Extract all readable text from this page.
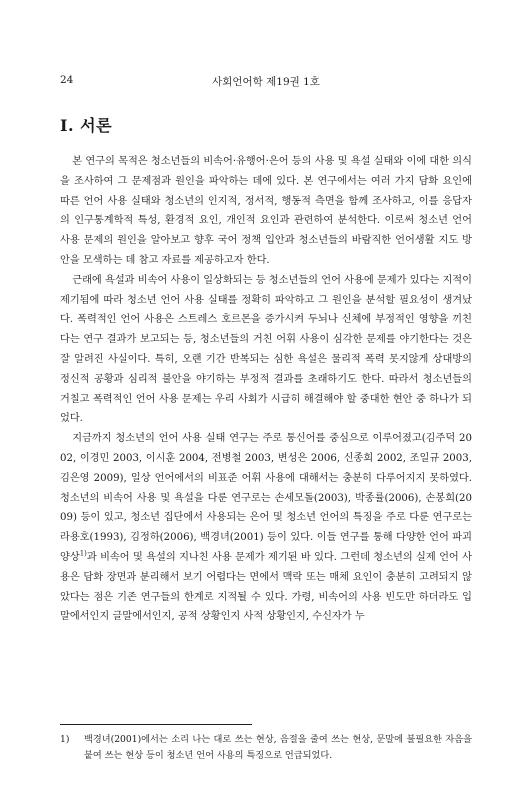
24	사회언어학 제19권 1호
I. 서론

본 연구의 목적은 청소년들의 비속어·유행어·은어 등의 사용 및 욕설 실태와 이에 대한 의식을 조사하여 그 문제점과 원인을 파악하는 데에 있다. 본 연구에서는 여러 가지 담화 요인에 따른 언어 사용 실태와 청소년의 인지적, 정서적, 행동적 측면을 함께 조사하고, 이를 응답자의 인구통계학적 특성, 환경적 요인, 개인적 요인과 관련하여 분석한다. 이로써 청소년 언어 사용 문제의 원인을 알아보고 향후 국어 정책 입안과 청소년들의 바람직한 언어생활 지도 방안을 모색하는 데 참고 자료를 제공하고자 한다.

근래에 욕설과 비속어 사용이 일상화되는 등 청소년들의 언어 사용에 문제가 있다는 지적이 제기됨에 따라 청소년 언어 사용 실태를 정확히 파악하고 그 원인을 분석할 필요성이 생겨났다. 폭력적인 언어 사용은 스트레스 호르몬을 증가시켜 두뇌나 신체에 부정적인 영향을 끼친다는 연구 결과가 보고되는 등, 청소년들의 거친 어휘 사용이 심각한 문제를 야기한다는 것은 잘 알려진 사실이다. 특히, 오랜 기간 반복되는 심한 욕설은 물리적 폭력 못지않게 상대방의 정신적 공황과 심리적 불안을 야기하는 부정적 결과를 초래하기도 한다. 따라서 청소년들의 거칠고 폭력적인 언어 사용 문제는 우리 사회가 시급히 해결해야 할 중대한 현안 중 하나가 되었다.

지금까지 청소년의 언어 사용 실태 연구는 주로 통신어를 중심으로 이루어졌고(김주덕 2002, 이경민 2003, 이시훈 2004, 전병철 2003, 변성은 2006, 신종희 2002, 조일규 2003, 김은영 2009), 일상 언어에서의 비표준 어휘 사용에 대해서는 충분히 다루어지지 못하였다. 청소년의 비속어 사용 및 욕설을 다룬 연구로는 손세모돌(2003), 박종률(2006), 손봉희(2009) 등이 있고, 청소년 집단에서 사용되는 은어 및 청소년 언어의 특징을 주로 다룬 연구로는 라용호(1993), 김정하(2006), 백경녀(2001) 등이 있다. 이들 연구를 통해 다양한 언어 파괴 양상$^{1)}$과 비속어 및 욕설의 지나친 사용 문제가 제기된 바 있다. 그런데 청소년의 실제 언어 사용은 담화 장면과 분리해서 보기 어렵다는 면에서 맥락 또는 매체 요인이 충분히 고려되지 않았다는 점은 기존 연구들의 한계로 지적될 수 있다. 가령, 비속어의 사용 빈도만 하더라도 입말에서인지 글말에서인지, 공적 상황인지 사적 상황인지, 수신자가 누

1) 백경녀(2001)에서는 소리 나는 대로 쓰는 현상, 음절을 줄여 쓰는 현상, 문말에 불필요한 자음을 붙여 쓰는 현상 등이 청소년 언어 사용의 특징으로 언급되었다.
